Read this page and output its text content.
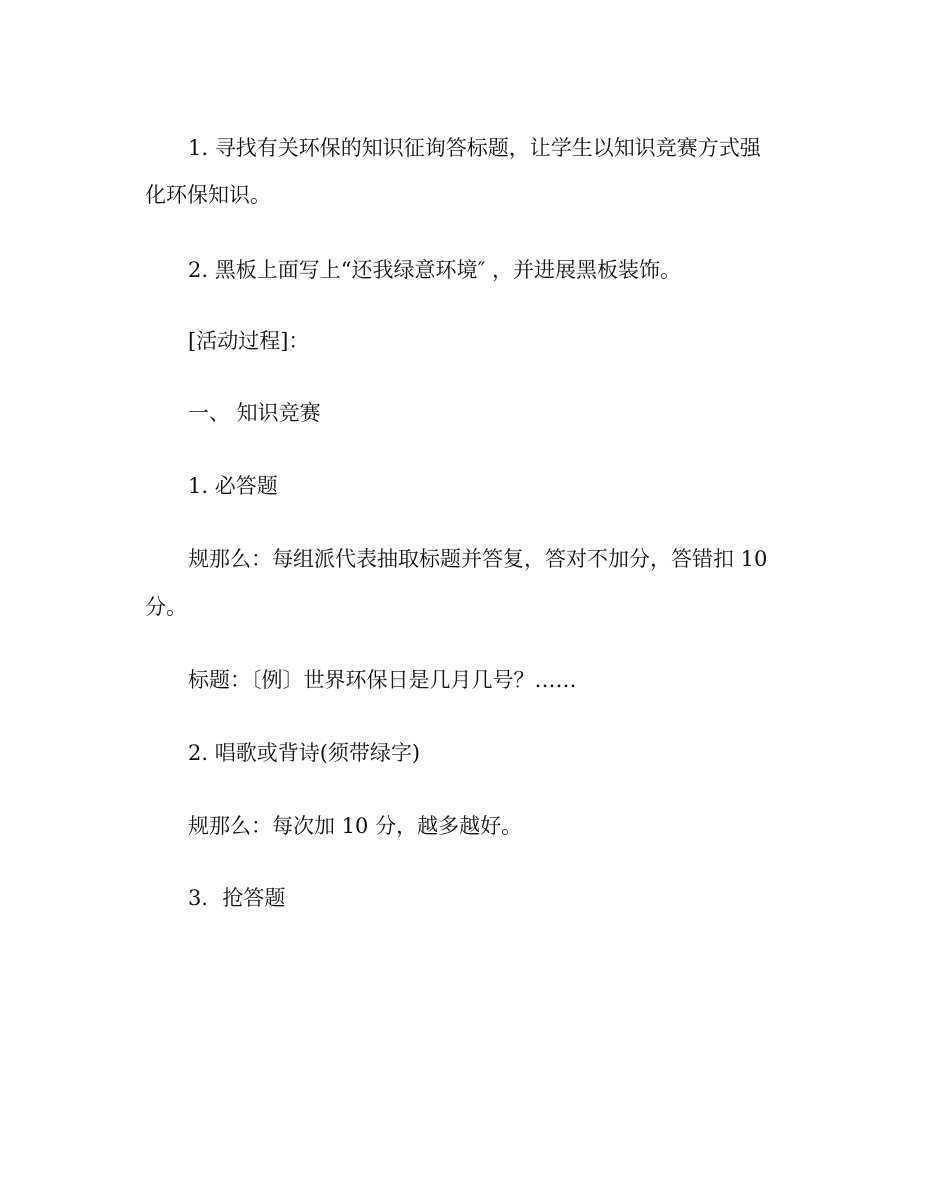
1. 寻找有关环保的知识征询答标题，让学生以知识竞赛方式强
化环保知识。
2. 黑板上面写上“还我绿意环境″ ，并进展黑板装饰。
[活动过程]：
一、 知识竞赛
1. 必答题
规那么：每组派代表抽取标题并答复，答对不加分，答错扣 10
分。
标题：〔例〕世界环保日是几月几号？……
2. 唱歌或背诗(须带绿字)
规那么：每次加 10 分，越多越好。
3．抢答题
